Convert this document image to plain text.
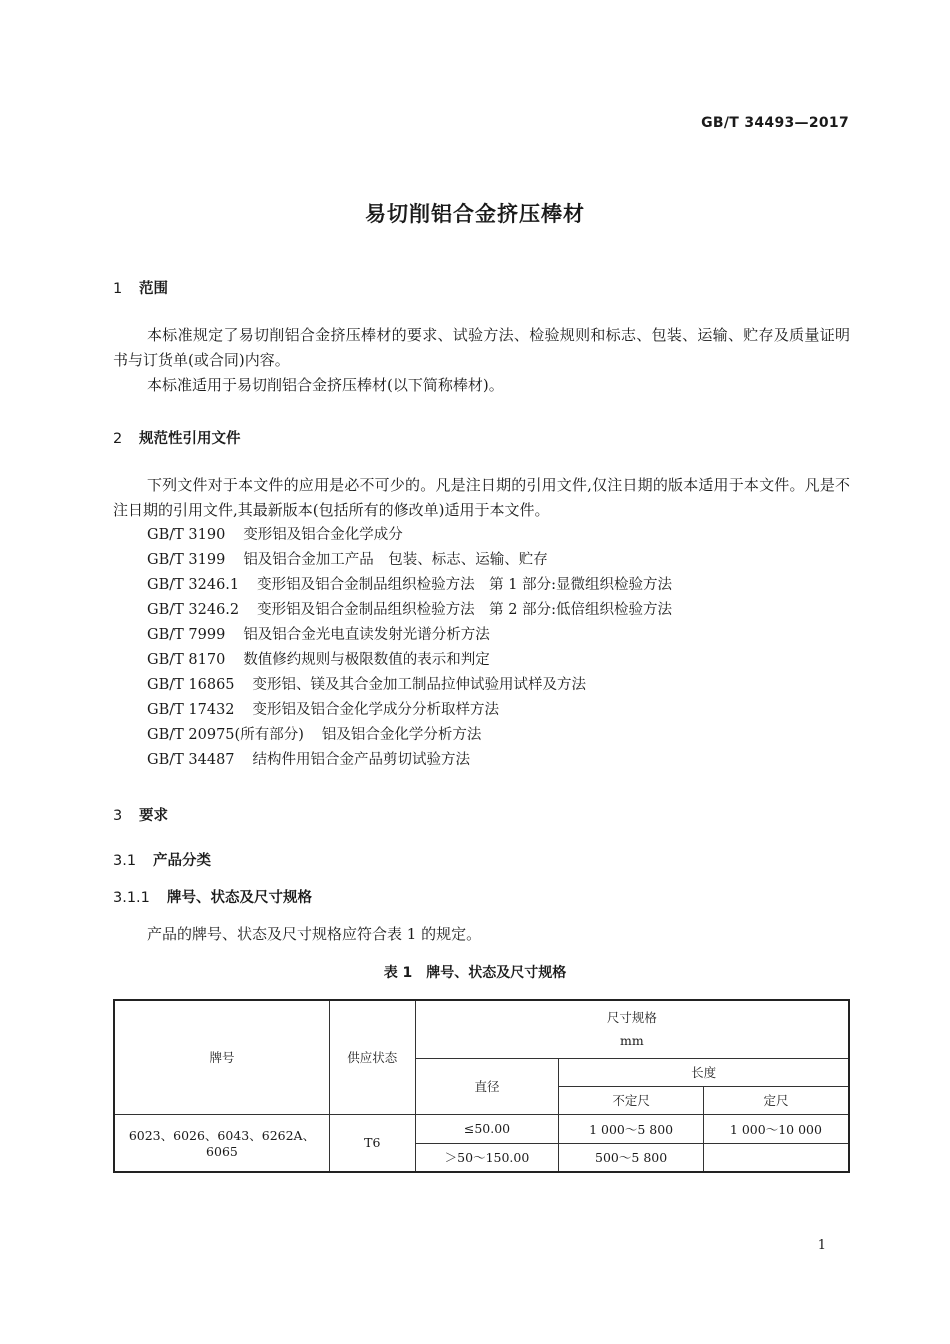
GB/T 34493—2017
易切削铝合金挤压棒材
1 范围
本标准规定了易切削铝合金挤压棒材的要求、试验方法、检验规则和标志、包装、运输、贮存及质量证明书与订货单(或合同)内容。
本标准适用于易切削铝合金挤压棒材(以下简称棒材)。
2 规范性引用文件
下列文件对于本文件的应用是必不可少的。凡是注日期的引用文件,仅注日期的版本适用于本文件。凡是不注日期的引用文件,其最新版本(包括所有的修改单)适用于本文件。
GB/T 3190 变形铝及铝合金化学成分
GB/T 3199 铝及铝合金加工产品　包装、标志、运输、贮存
GB/T 3246.1 变形铝及铝合金制品组织检验方法　第 1 部分:显微组织检验方法
GB/T 3246.2 变形铝及铝合金制品组织检验方法　第 2 部分:低倍组织检验方法
GB/T 7999 铝及铝合金光电直读发射光谱分析方法
GB/T 8170 数值修约规则与极限数值的表示和判定
GB/T 16865 变形铝、镁及其合金加工制品拉伸试验用试样及方法
GB/T 17432 变形铝及铝合金化学成分分析取样方法
GB/T 20975(所有部分) 铝及铝合金化学分析方法
GB/T 34487 结构件用铝合金产品剪切试验方法
3 要求
3.1 产品分类
3.1.1 牌号、状态及尺寸规格
产品的牌号、状态及尺寸规格应符合表 1 的规定。
表 1　牌号、状态及尺寸规格
牌号	供应状态	尺寸规格
mm		

		直径	长度	
			不定尺	定尺
6023、6026、6043、6262A、6065	T6	≤50.00	1 000～5 800	1 000～10 000
		＞50～150.00	500～5 800	
1
